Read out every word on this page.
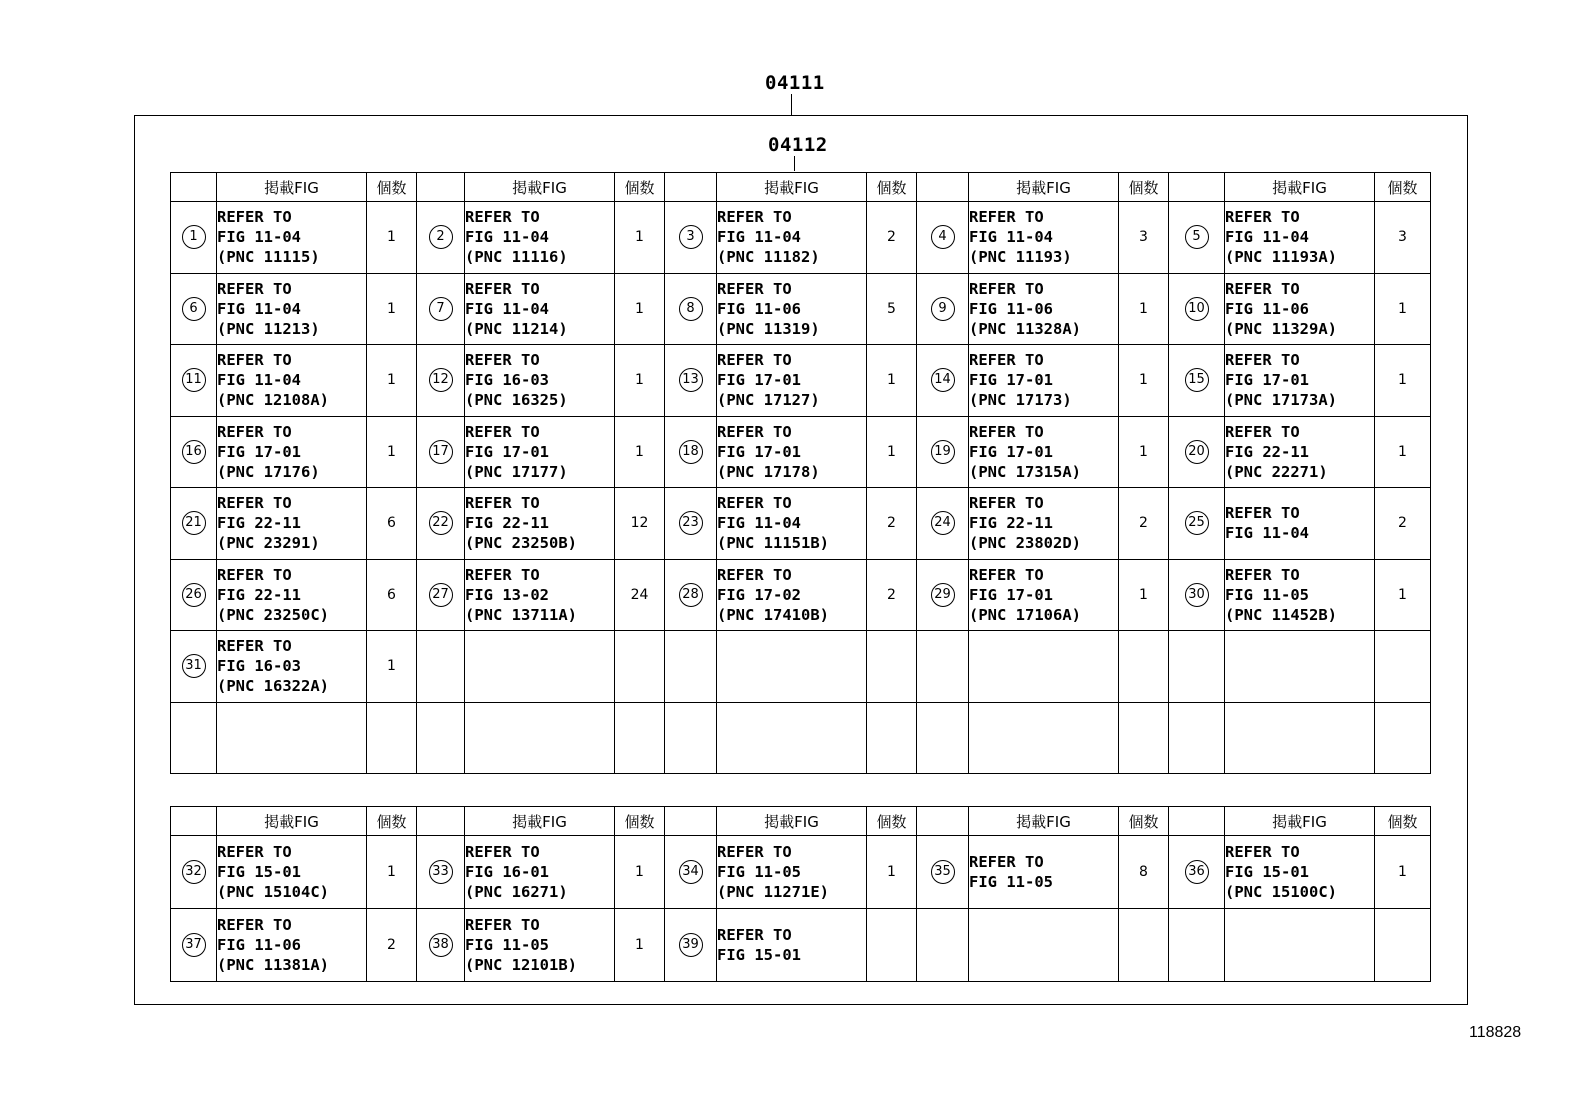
04111
04112
	掲載FIG	個数		掲載FIG	個数		掲載FIG	個数		掲載FIG	個数		掲載FIG	個数
1	REFER TO
FIG 11-04
(PNC 11115)	1	2	REFER TO
FIG 11-04
(PNC 11116)	1	3	REFER TO
FIG 11-04
(PNC 11182)	2	4	REFER TO
FIG 11-04
(PNC 11193)	3	5	REFER TO
FIG 11-04
(PNC 11193A)	3
6	REFER TO
FIG 11-04
(PNC 11213)	1	7	REFER TO
FIG 11-04
(PNC 11214)	1	8	REFER TO
FIG 11-06
(PNC 11319)	5	9	REFER TO
FIG 11-06
(PNC 11328A)	1	10	REFER TO
FIG 11-06
(PNC 11329A)	1
11	REFER TO
FIG 11-04
(PNC 12108A)	1	12	REFER TO
FIG 16-03
(PNC 16325)	1	13	REFER TO
FIG 17-01
(PNC 17127)	1	14	REFER TO
FIG 17-01
(PNC 17173)	1	15	REFER TO
FIG 17-01
(PNC 17173A)	1
16	REFER TO
FIG 17-01
(PNC 17176)	1	17	REFER TO
FIG 17-01
(PNC 17177)	1	18	REFER TO
FIG 17-01
(PNC 17178)	1	19	REFER TO
FIG 17-01
(PNC 17315A)	1	20	REFER TO
FIG 22-11
(PNC 22271)	1
21	REFER TO
FIG 22-11
(PNC 23291)	6	22	REFER TO
FIG 22-11
(PNC 23250B)	12	23	REFER TO
FIG 11-04
(PNC 11151B)	2	24	REFER TO
FIG 22-11
(PNC 23802D)	2	25	REFER TO
FIG 11-04	2
26	REFER TO
FIG 22-11
(PNC 23250C)	6	27	REFER TO
FIG 13-02
(PNC 13711A)	24	28	REFER TO
FIG 17-02
(PNC 17410B)	2	29	REFER TO
FIG 17-01
(PNC 17106A)	1	30	REFER TO
FIG 11-05
(PNC 11452B)	1
31	REFER TO
FIG 16-03
(PNC 16322A)	1												

	掲載FIG	個数		掲載FIG	個数		掲載FIG	個数		掲載FIG	個数		掲載FIG	個数
32	REFER TO
FIG 15-01
(PNC 15104C)	1	33	REFER TO
FIG 16-01
(PNC 16271)	1	34	REFER TO
FIG 11-05
(PNC 11271E)	1	35	REFER TO
FIG 11-05	8	36	REFER TO
FIG 15-01
(PNC 15100C)	1
37	REFER TO
FIG 11-06
(PNC 11381A)	2	38	REFER TO
FIG 11-05
(PNC 12101B)	1	39	REFER TO
FIG 15-01							
118828
